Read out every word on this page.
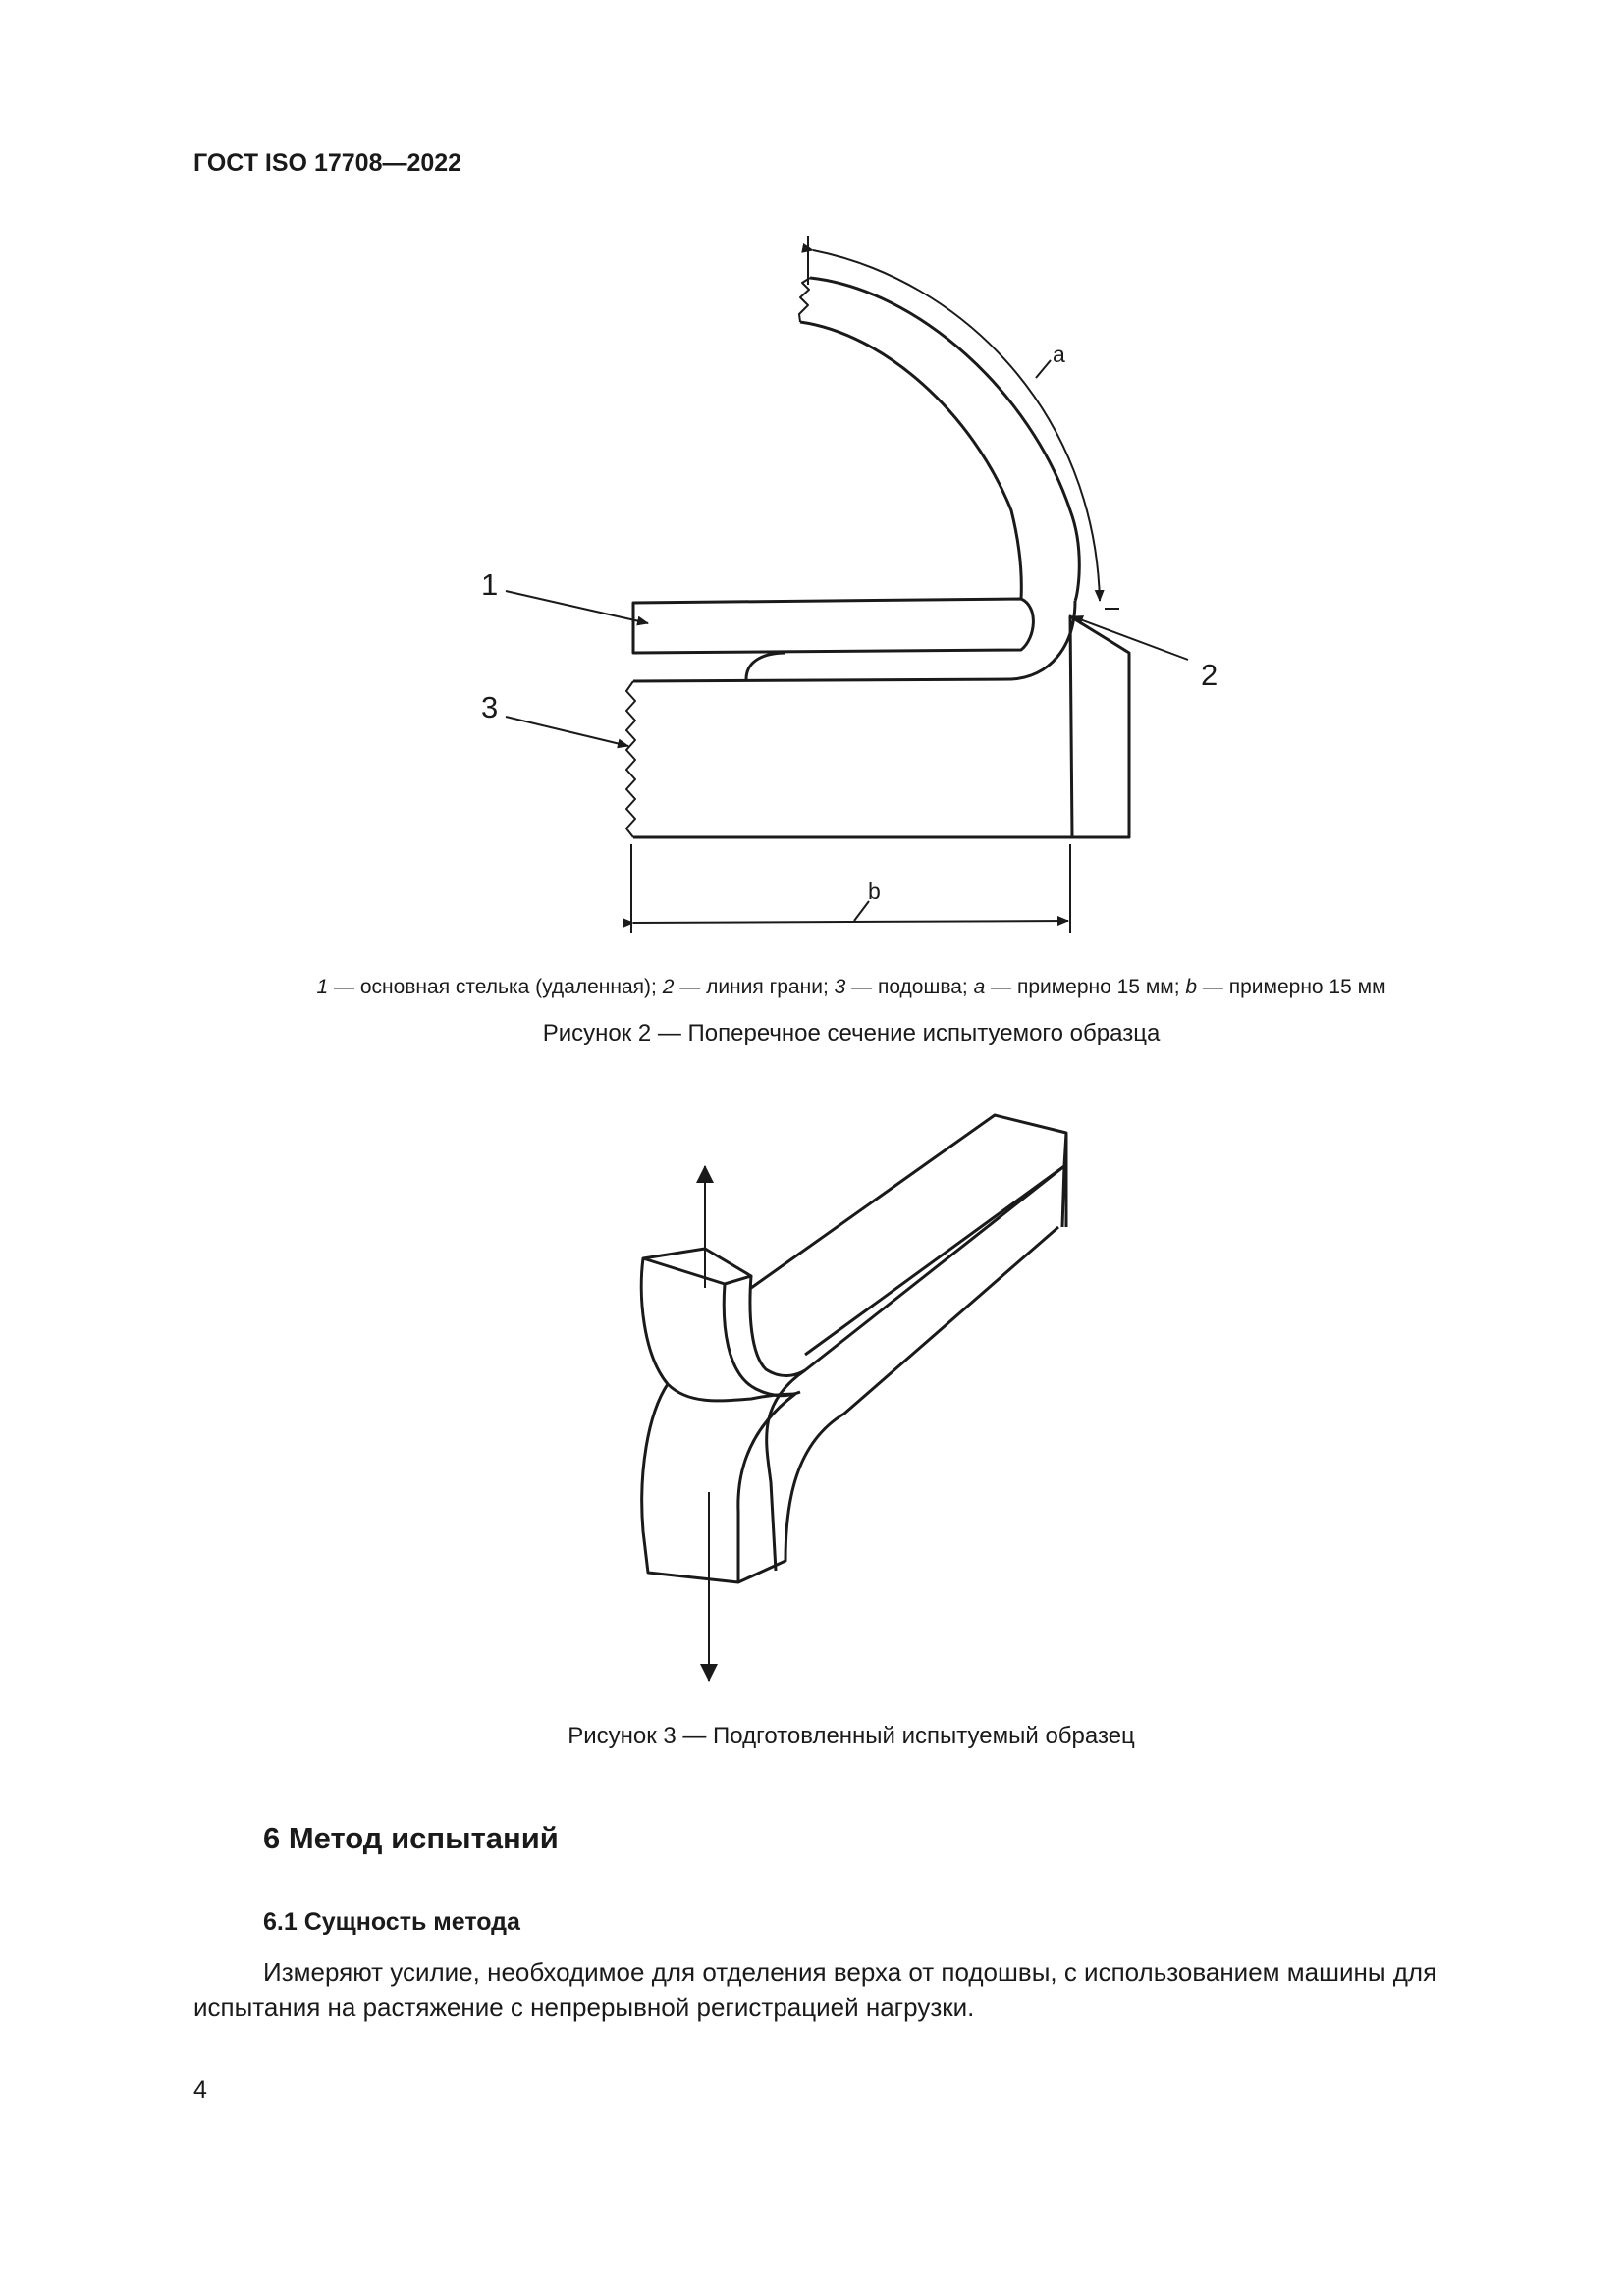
ГОСТ ISO 17708—2022
1
2
3
a
b
1 — основная стелька (удаленная); 2 — линия грани; 3 — подошва; a — примерно 15 мм; b — примерно 15 мм
Рисунок 2 — Поперечное сечение испытуемого образца
Рисунок 3 — Подготовленный испытуемый образец
6 Метод испытаний
6.1 Сущность метода
Измеряют усилие, необходимое для отделения верха от подошвы, с использованием машины для испытания на растяжение с непрерывной регистрацией нагрузки.
4
